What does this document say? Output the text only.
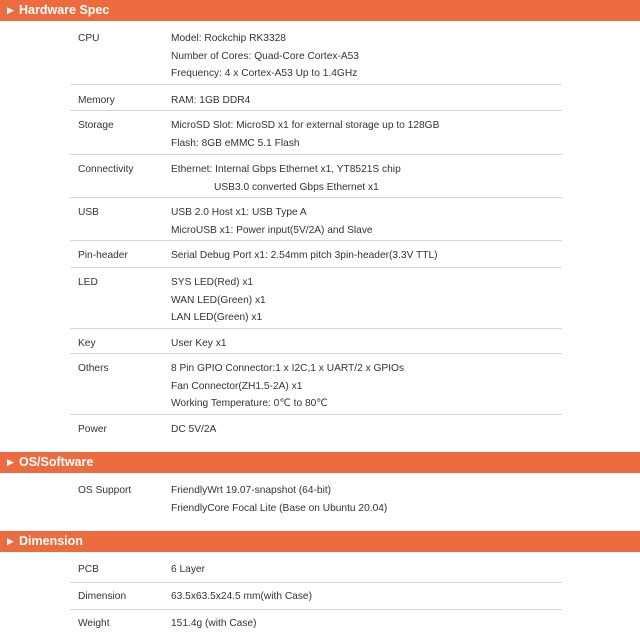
▶ Hardware Spec
CPU	Model: Rockchip RK3328
Number of Cores: Quad-Core Cortex-A53
Frequency: 4 x Cortex-A53 Up to 1.4GHz
Memory	RAM: 1GB DDR4
Storage	MicroSD Slot: MicroSD x1 for external storage up to 128GB
Flash: 8GB eMMC 5.1 Flash
Connectivity	Ethernet: Internal Gbps Ethernet x1, YT8521S chip
USB3.0 converted Gbps Ethernet x1
USB	USB 2.0 Host x1: USB Type A
MicroUSB x1: Power input(5V/2A) and Slave
Pin-header	Serial Debug Port x1: 2.54mm pitch 3pin-header(3.3V TTL)
LED	SYS LED(Red) x1
WAN LED(Green) x1
LAN LED(Green) x1
Key	User Key x1
Others	8 Pin GPIO Connector:1 x I2C,1 x UART/2 x GPIOs
Fan Connector(ZH1.5-2A) x1
Working Temperature: 0℃ to 80℃
Power	DC 5V/2A
▶ OS/Software
OS Support	FriendlyWrt 19.07-snapshot (64-bit)
FriendlyCore Focal Lite (Base on Ubuntu 20.04)
▶ Dimension
PCB	6 Layer
Dimension	63.5x63.5x24.5 mm(with Case)
Weight	151.4g (with Case)
